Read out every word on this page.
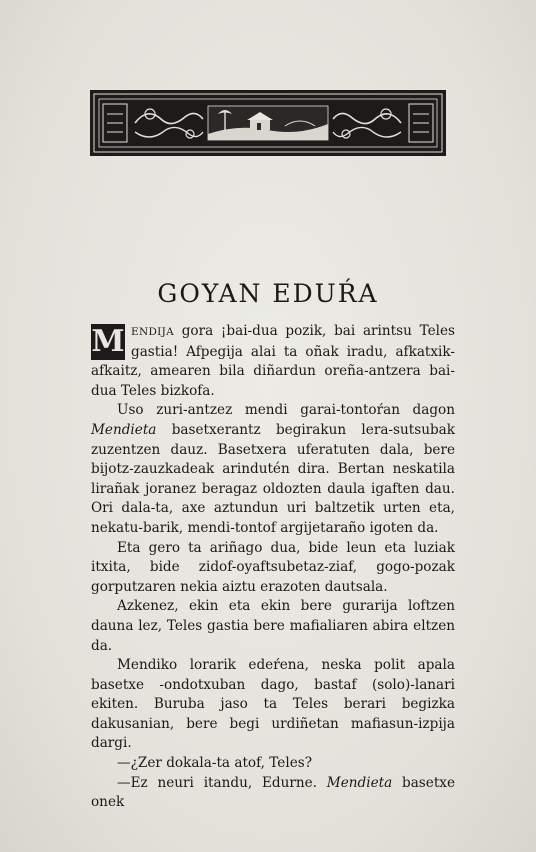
GOYAN EDUŔA

M ENDIJA gora ¡bai-dua pozik, bai arintsu Teles gastia! Afpegija alai ta oñak iradu, afkatxik-afkaitz, amearen bila diñardun oreña-antzera bai-dua Teles bizkofa.

Uso zuri-antzez mendi garai-tontoŕan dagon Mendieta basetxerantz begirakun lera-sutsubak zuzentzen dauz. Basetxera uferatuten dala, bere bijotz-zauzkadeak arindutén dira. Bertan neskatila lirañak joranez beragaz oldozten daula igaften dau. Ori dala-ta, axe aztundun uri baltzetik urten eta, nekatu-barik, mendi-tontof argijetaraño igoten da.

Eta gero ta ariñago dua, bide leun eta luziak itxita, bide zidof-oyaftsubetaz-ziaf, gogo-pozak gorputzaren nekia aiztu erazoten dautsala.

Azkenez, ekin eta ekin bere gurarija loftzen dauna lez, Teles gastia bere mafialiaren abira eltzen da.

Mendiko lorarik edeŕena, neska polit apala basetxe -ondotxuban dago, bastaf (solo)-lanari ekiten. Buruba jaso ta Teles berari begizka dakusanian, bere begi urdiñetan mafiasun-izpija dargi.

—¿Zer dokala-ta atof, Teles?

—Ez neuri itandu, Edurne. Mendieta basetxe onek
